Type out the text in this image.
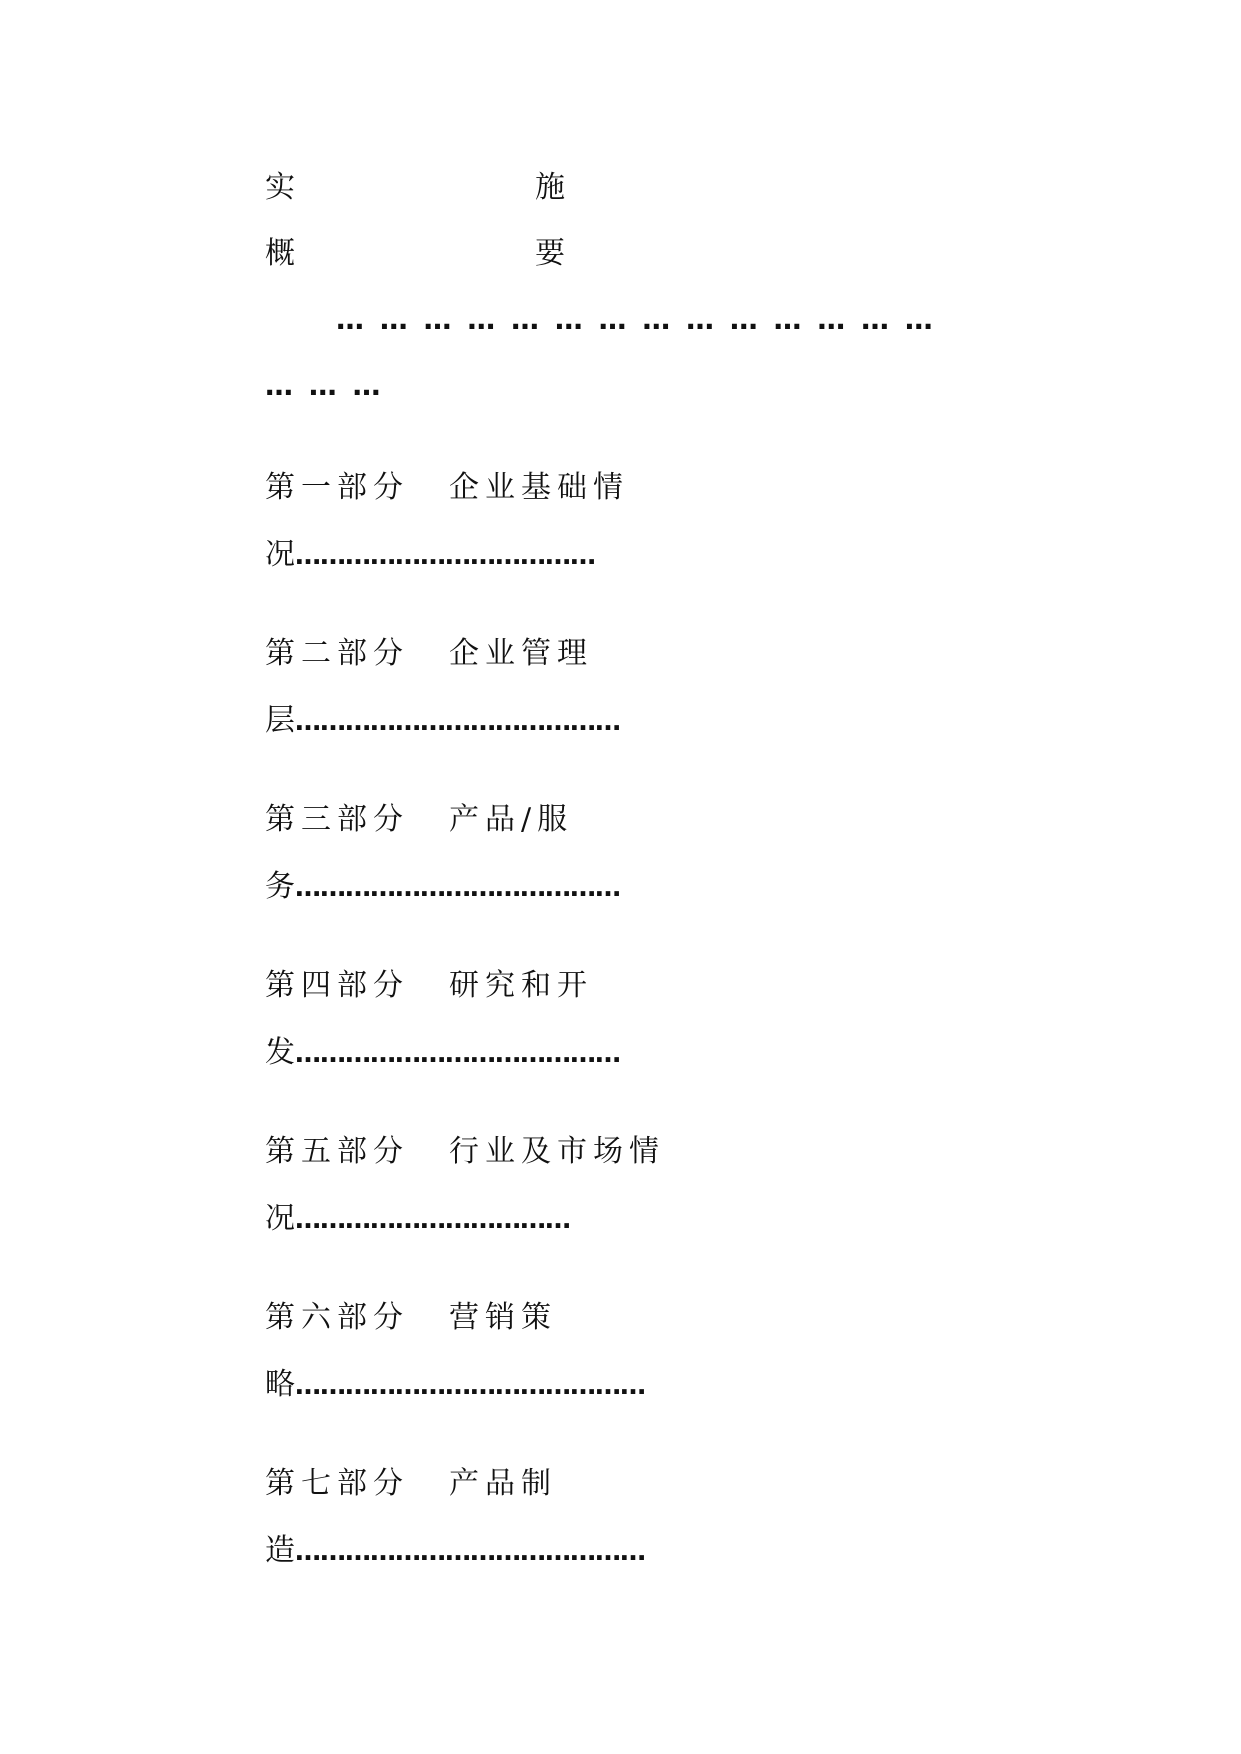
实	施

概	要

… … … … … … … … … … … … … …

… … …

第一部分 企业基础情

况………………………………

第二部分 企业管理

层…………………………………

第三部分 产品/服

务…………………………………

第四部分 研究和开

发…………………………………

第五部分 行业及市场情

况……………………………

第六部分 营销策

略……………………………………

第七部分 产品制

造……………………………………
